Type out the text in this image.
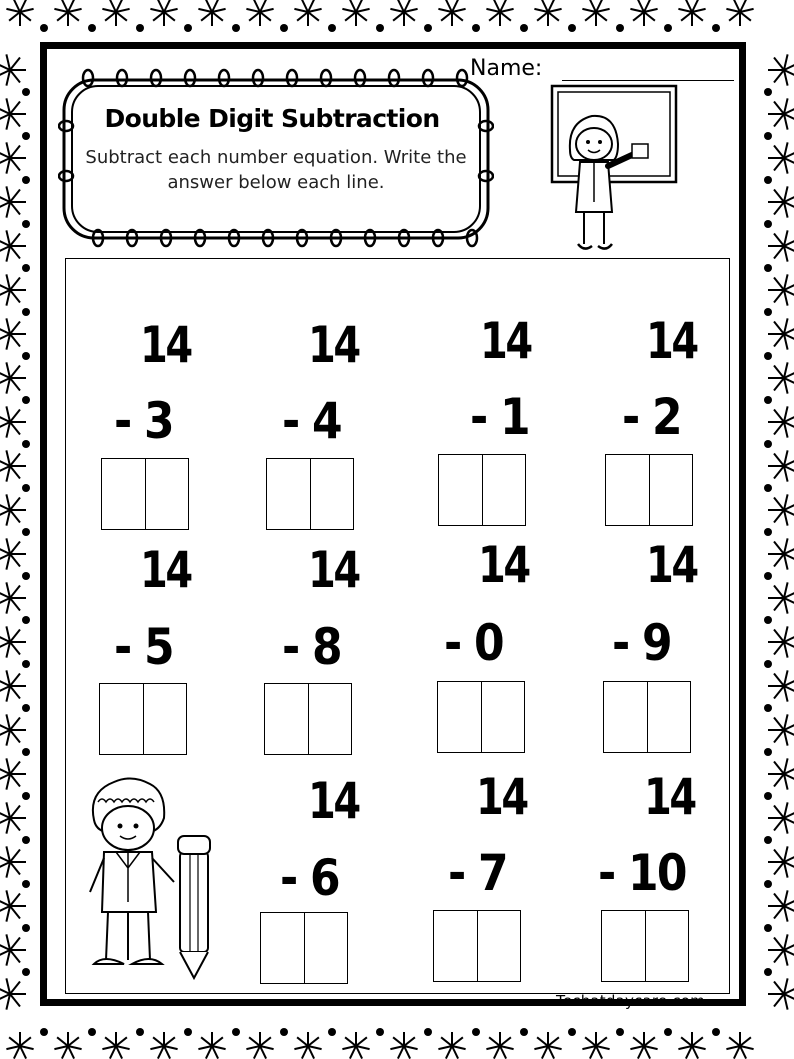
Double Digit Subtraction
Subtract each number equation. Write the answer below each line.
Name:
14
- 3
14
- 4
14
- 1
14
- 2
14
- 5
14
- 8
14
- 0
14
- 9
14
- 6
14
- 7
14
- 10
Techatdaycare.com
